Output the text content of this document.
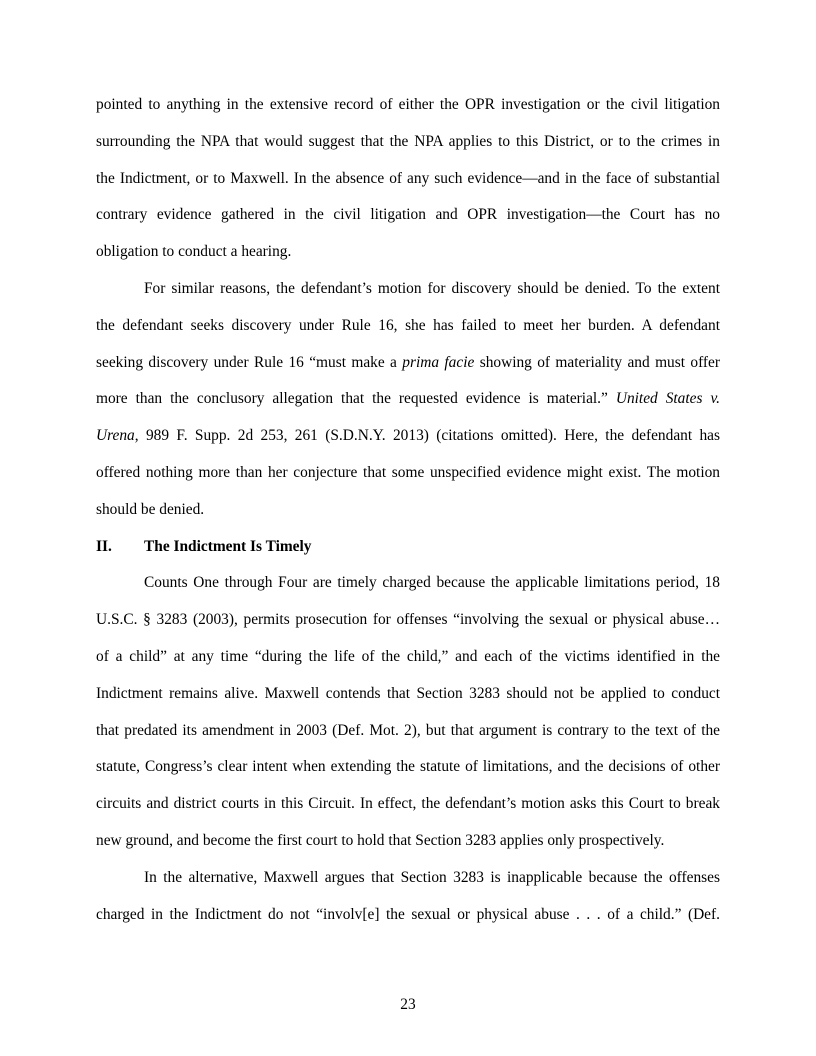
pointed to anything in the extensive record of either the OPR investigation or the civil litigation
surrounding the NPA that would suggest that the NPA applies to this District, or to the crimes in
the Indictment, or to Maxwell. In the absence of any such evidence—and in the face of substantial
contrary evidence gathered in the civil litigation and OPR investigation—the Court has no
obligation to conduct a hearing.
For similar reasons, the defendant’s motion for discovery should be denied. To the extent
the defendant seeks discovery under Rule 16, she has failed to meet her burden. A defendant
seeking discovery under Rule 16 “must make a prima facie showing of materiality and must offer
more than the conclusory allegation that the requested evidence is material.” United States v.
Urena, 989 F. Supp. 2d 253, 261 (S.D.N.Y. 2013) (citations omitted). Here, the defendant has
offered nothing more than her conjecture that some unspecified evidence might exist. The motion
should be denied.
II. The Indictment Is Timely
Counts One through Four are timely charged because the applicable limitations period, 18
U.S.C. § 3283 (2003), permits prosecution for offenses “involving the sexual or physical abuse…
of a child” at any time “during the life of the child,” and each of the victims identified in the
Indictment remains alive. Maxwell contends that Section 3283 should not be applied to conduct
that predated its amendment in 2003 (Def. Mot. 2), but that argument is contrary to the text of the
statute, Congress’s clear intent when extending the statute of limitations, and the decisions of other
circuits and district courts in this Circuit. In effect, the defendant’s motion asks this Court to break
new ground, and become the first court to hold that Section 3283 applies only prospectively.
In the alternative, Maxwell argues that Section 3283 is inapplicable because the offenses
charged in the Indictment do not “involv[e] the sexual or physical abuse . . . of a child.” (Def.
23
